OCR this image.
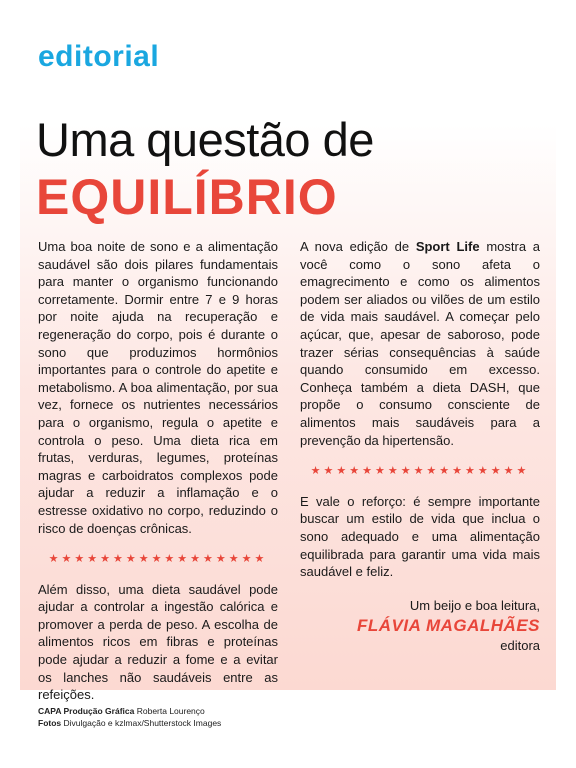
editorial
Uma questão de
EQUILÍBRIO

Uma boa noite de sono e a alimentação saudável são dois pilares fundamentais para manter o organismo funcionando corretamente. Dormir entre 7 e 9 horas por noite ajuda na recuperação e regeneração do corpo, pois é durante o sono que produzimos hormônios importantes para o controle do apetite e metabolismo. A boa alimentação, por sua vez, fornece os nutrientes necessários para o organismo, regula o apetite e controla o peso. Uma dieta rica em frutas, verduras, legumes, proteínas magras e carboidratos complexos pode ajudar a reduzir a inflamação e o estresse oxidativo no corpo, reduzindo o risco de doenças crônicas.

★★★★★★★★★★★★★★★★★

Além disso, uma dieta saudável pode ajudar a controlar a ingestão calórica e promover a perda de peso. A escolha de alimentos ricos em fibras e proteínas pode ajudar a reduzir a fome e a evitar os lanches não saudáveis entre as refeições.

A nova edição de Sport Life mostra a você como o sono afeta o emagrecimento e como os alimentos podem ser aliados ou vilões de um estilo de vida mais saudável. A começar pelo açúcar, que, apesar de saboroso, pode trazer sérias consequências à saúde quando consumido em excesso. Conheça também a dieta DASH, que propõe o consumo consciente de alimentos mais saudáveis para a prevenção da hipertensão.

★★★★★★★★★★★★★★★★★

E vale o reforço: é sempre importante buscar um estilo de vida que inclua o sono adequado e uma alimentação equilibrada para garantir uma vida mais saudável e feliz.

Um beijo e boa leitura,
FLÁVIA MAGALHÃES
editora
CAPA Produção Gráfica Roberta Lourenço
Fotos Divulgação e kzlmax/Shutterstock Images
